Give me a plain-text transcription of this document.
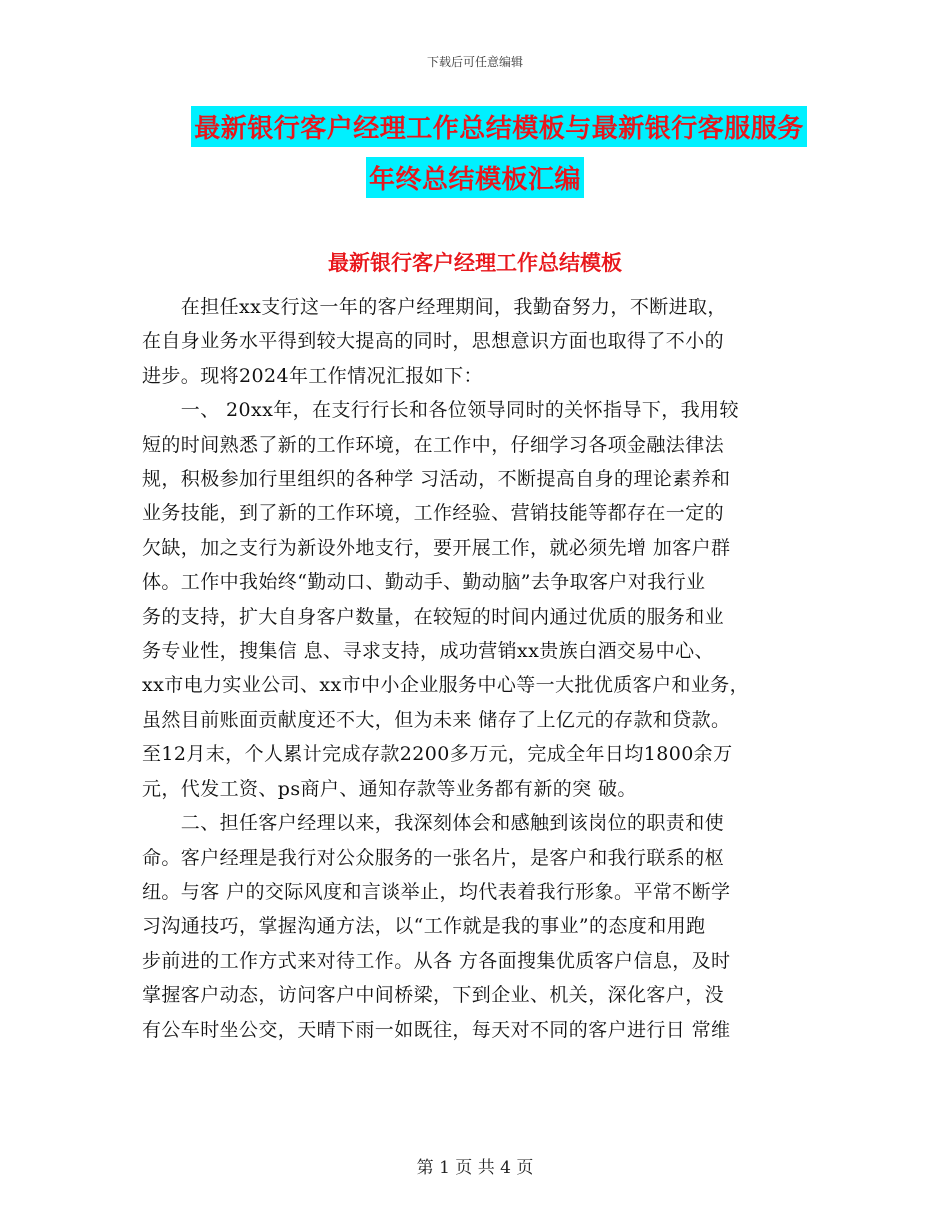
下载后可任意编辑
最新银行客户经理工作总结模板与最新银行客服服务
年终总结模板汇编
最新银行客户经理工作总结模板
　　在担任xx支行这一年的客户经理期间，我勤奋努力，不断进取，
在自身业务水平得到较大提高的同时，思想意识方面也取得了不小的
进步。现将2024年工作情况汇报如下：
　　一、 20xx年，在支行行长和各位领导同时的关怀指导下，我用较
短的时间熟悉了新的工作环境，在工作中，仔细学习各项金融法律法
规，积极参加行里组织的各种学 习活动，不断提高自身的理论素养和
业务技能，到了新的工作环境，工作经验、营销技能等都存在一定的
欠缺，加之支行为新设外地支行，要开展工作，就必须先增 加客户群
体。工作中我始终“勤动口、勤动手、勤动脑”去争取客户对我行业
务的支持，扩大自身客户数量，在较短的时间内通过优质的服务和业
务专业性，搜集信 息、寻求支持，成功营销xx贵族白酒交易中心、
xx市电力实业公司、xx市中小企业服务中心等一大批优质客户和业务，
虽然目前账面贡献度还不大，但为未来 储存了上亿元的存款和贷款。
至12月末，个人累计完成存款2200多万元，完成全年日均1800余万
元，代发工资、ps商户、通知存款等业务都有新的突 破。
　　二、担任客户经理以来，我深刻体会和感触到该岗位的职责和使
命。客户经理是我行对公众服务的一张名片，是客户和我行联系的枢
纽。与客 户的交际风度和言谈举止，均代表着我行形象。平常不断学
习沟通技巧，掌握沟通方法，以“工作就是我的事业”的态度和用跑
步前进的工作方式来对待工作。从各 方各面搜集优质客户信息，及时
掌握客户动态，访问客户中间桥梁，下到企业、机关，深化客户，没
有公车时坐公交，天晴下雨一如既往，每天对不同的客户进行日 常维
第 1 页 共 4 页
